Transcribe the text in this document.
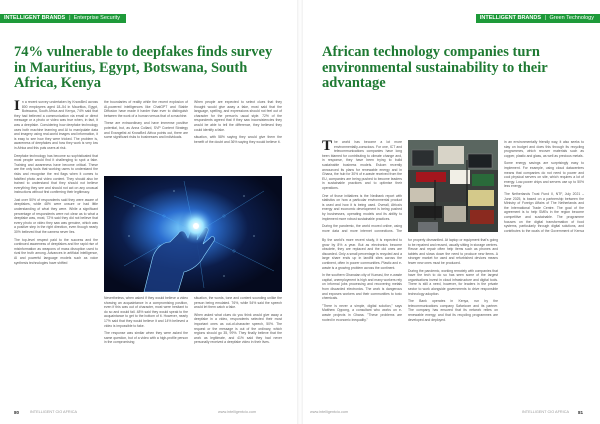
INTELLIGENT BRANDS | Enterprise Security
74% vulnerable to deepfakes finds survey in Mauritius, Egypt, Botswana, South Africa, Kenya

In a recent survey undertaken by KnowBe4 across 800 employees aged 18–54 in Mauritius, Egypt, Botswana, South Africa and Kenya, 74% said that they had believed a communication via email or direct message or a photo or video was true when, in fact, it was a deepfake. Considering how deepfake technology uses both machine learning and AI to manipulate data and imagery using real-world images and information, it is easy to see how they were tricked. The problem is, awareness of deepfakes and how they work is very low in Africa and this puts users at risk.

Deepfake technology has become so sophisticated that most people would find it challenging to spot a fake. Training and awareness have become critical. These are the only tools that working users to understand the risks and recognise the red flags when it comes to falsified photo and video content. They should also be trained to understand that they should not believe everything they see and should not act on any unusual instructions without first confirming their legitimacy.

Just over 50% of respondents said they were aware of deepfakes, while 48% were unsure or had little understanding of what they were. While a significant percentage of respondents were not clear as to what a deepfake was, most, 72% said they did not believe that every photo or video they saw was genuine, which was a positive step in the right direction, even though nearly 30% believed that the camera never lies.

The top-level respect paid to the success and the continued awareness of deepfakes and the rapid rise of misinformation as weapons of mass disruption used to rival the truth among. Advances in artificial intelligence, AI and powerful language models such as voice synthesis technologies have shifted

the boundaries of reality while the recent explosion of AI-powered intelligences like ChatGPT and Stable Diffusion have made it harder than ever to distinguish between the work of a human versus that of a machine.

These are extraordinary and have immense positive potential, but, as Anna Collard, SVP Content Strategy and Evangelist at KnowBe4 Africa points out, there are some significant risks to businesses and individuals.

When people are expected to select clues that they thought would give away a fake, most said that the language, spelling, and expressions should not feel out of character for the person's usual style. 72% of the respondents agreed that if they saw inconsistencies they would be able to tell the difference, they believed they could identify a fake.

situation, with 58% saying they would give them the benefit of the doubt and 36% saying they would believe it.

Nevertheless, when asked if they would believe a video showing an acquaintance in a compromising position, even if this was out of character, most were hesitant to do so and would fail. 48% said they would speak to the acquaintance to get to the bottom of it. However, nearly 17% said that they would believe it and 14% believed a video is impossible to fake.

The response was similar when they were asked the same question, but of a video with a high-profile person in the compromising

situation, the words, tone and content sounding unlike the person being emulated. 76%, while 54% said the speech would let them catch a fake.

When asked what clues do you think would give away a deepfake in a video, respondents selected their most important ones as out-of-character speech, 50%. The request or the message is out of the ordinary, which regions should go 35, 99%. They finally believe that the work as legitimate, and 41% said they had never personally received a deepfake video in their lives.

80	INTELLIGENT CIO AFRICA	www.intelligentcio.com
INTELLIGENT BRANDS | Green Technology
African technology companies turn environmental sustainability to their advantage

The world has become a lot more environmentally-conscious. For one, ICT and telecommunications companies have long been blamed for contributing to climate change and, in response, they have been trying to build sustainable business models. Eskom recently announced its plans for renewable energy and in Ghana, the hub for 30% of e-waste received from the EU, companies are being pushed to become leaders in sustainable practices and to optimise their operations.

One of those initiatives is the Nedbank report with statistics on how a particular environmental product is used and how it is being used. Overall, Africa's energy and economic development is being pushed by businesses, operating models and its ability to implement more robust sustainable practices.

During the pandemic, the world moved online, using more data and more internet connections. The

in an environmentally friendly way, it also seeks to stay on budget and does this through its recycling programmes, which recover materials such as copper, plastic and glass, as well as precious metals.

Some energy savings are surprisingly easy to implement. For example, using cloud datacentres means that companies do not need to power and cool physical servers on site, which requires a lot of energy. Low-power chips and servers use up to 50% less energy.

The Netherlands Trust Fund II, NTF, July 2021 – June 2025, is based on a partnership between the Ministry of Foreign Affairs of The Netherlands and the International Trade Centre. The goal of the agreement is to help SMEs in the region become competitive and sustainable. The programme focuses on the digital transformation of food systems, particularly through digital solutions, and contributes to the goals of the Government of Kenya

By the world's more recent study, it is expected to grow by 8% a year. But as electronics become obsolete, they are replaced and the old ones are discarded. Only a small percentage is recycled and a large share ends up in landfill sites across the continent, often in poorer communities. Plastic and e-waste is a growing problem across the continent.

In the southern Ghanaian city of Kumasi, the e-waste capital, unemployment is high and many workers rely on informal jobs processing and recovering metals from discarded electronics. The work is dangerous and exposes workers and their communities to toxic chemicals.

"There is never a simple, digital solution," says Matthew Oppong, a consultant who works on e-waste projects in Ghana. "These problems are rooted in economic inequality."

for properly dismantled. At laptop or equipment that's going to be repaired and reused, usually sitting in storage centres. Reuse and repair often help items such as phones and tablets and slows down the need to produce new items. A stronger market for used and refurbished devices means fewer new ones must be produced.

During the pandemic, working remotely with companies that have the tech to do so has seen some of the largest organisations invest in cloud infrastructure and digital tools. There is still a need, however, for leaders in the private sector to work alongside governments to drive responsible technology adoption.

The Bank operates in Kenya, run by the telecommunications company Safaricom and its partner. The company has ensured that its network relies on renewable energy, and that its recycling programmes are developed and deployed.

www.intelligentcio.com	INTELLIGENT CIO AFRICA 81
